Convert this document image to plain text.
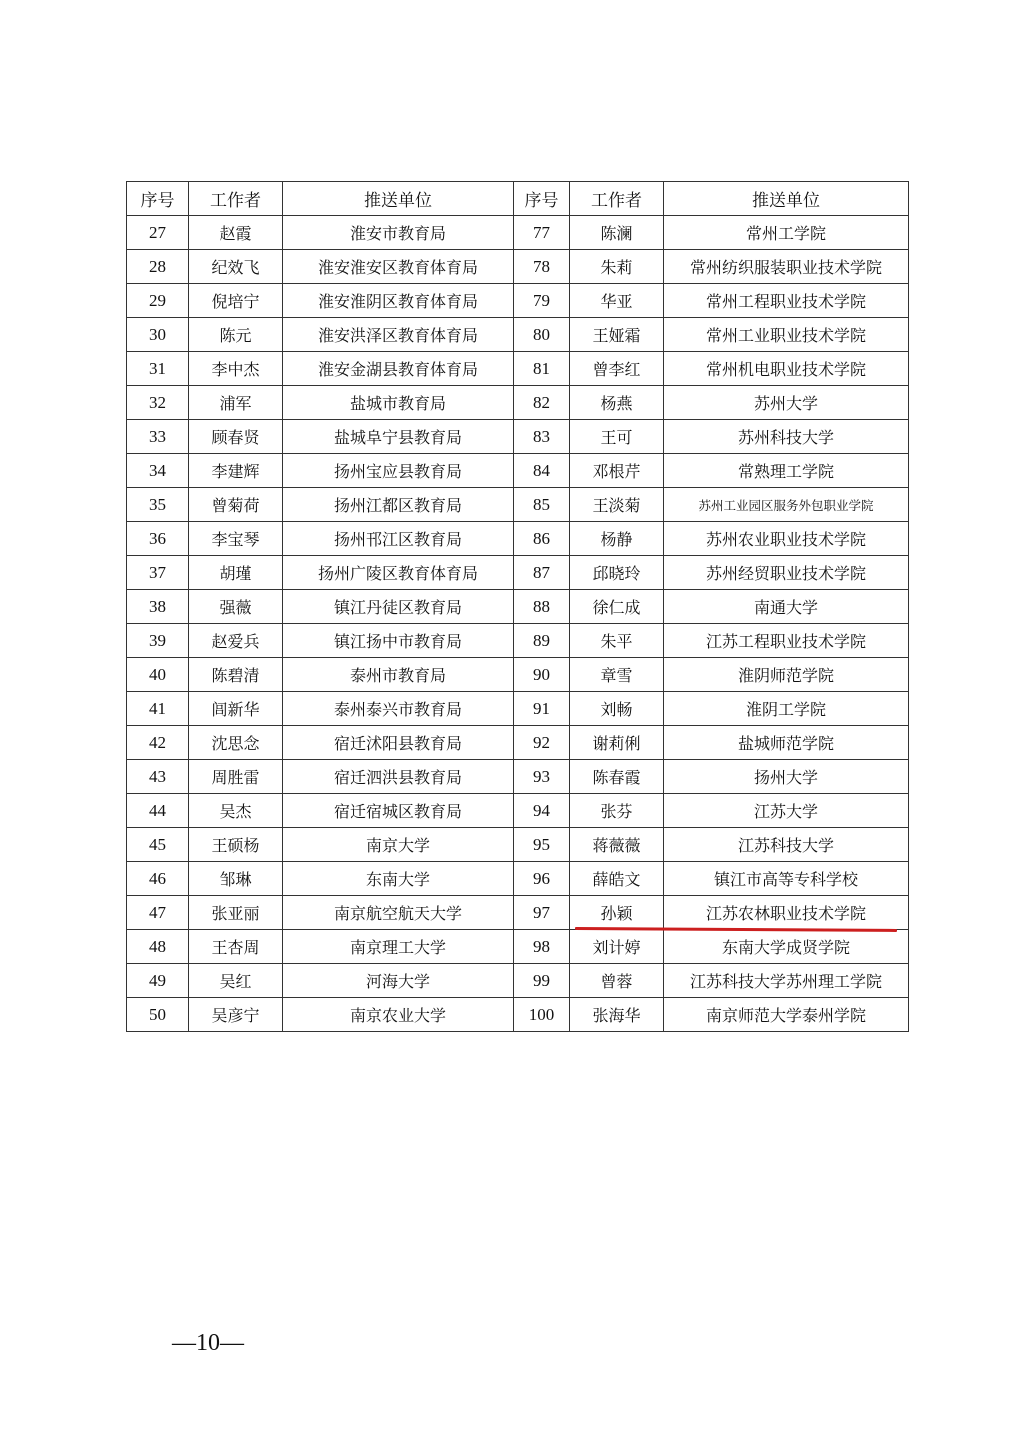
序号	工作者	推送单位	序号	工作者	推送单位
27	赵霞	淮安市教育局	77	陈澜	常州工学院
28	纪效飞	淮安淮安区教育体育局	78	朱莉	常州纺织服装职业技术学院
29	倪培宁	淮安淮阴区教育体育局	79	华亚	常州工程职业技术学院
30	陈元	淮安洪泽区教育体育局	80	王娅霜	常州工业职业技术学院
31	李中杰	淮安金湖县教育体育局	81	曾李红	常州机电职业技术学院
32	浦军	盐城市教育局	82	杨燕	苏州大学
33	顾春贤	盐城阜宁县教育局	83	王可	苏州科技大学
34	李建辉	扬州宝应县教育局	84	邓根芹	常熟理工学院
35	曾菊荷	扬州江都区教育局	85	王淡菊	苏州工业园区服务外包职业学院
36	李宝琴	扬州邗江区教育局	86	杨静	苏州农业职业技术学院
37	胡瑾	扬州广陵区教育体育局	87	邱晓玲	苏州经贸职业技术学院
38	强薇	镇江丹徒区教育局	88	徐仁成	南通大学
39	赵爱兵	镇江扬中市教育局	89	朱平	江苏工程职业技术学院
40	陈碧清	泰州市教育局	90	章雪	淮阴师范学院
41	闾新华	泰州泰兴市教育局	91	刘畅	淮阴工学院
42	沈思念	宿迁沭阳县教育局	92	谢莉俐	盐城师范学院
43	周胜雷	宿迁泗洪县教育局	93	陈春霞	扬州大学
44	吴杰	宿迁宿城区教育局	94	张芬	江苏大学
45	王硕杨	南京大学	95	蒋薇薇	江苏科技大学
46	邹琳	东南大学	96	薛皓文	镇江市高等专科学校
47	张亚丽	南京航空航天大学	97	孙颖	江苏农林职业技术学院
48	王杏周	南京理工大学	98	刘计婷	东南大学成贤学院
49	吴红	河海大学	99	曾蓉	江苏科技大学苏州理工学院
50	吴彦宁	南京农业大学	100	张海华	南京师范大学泰州学院
—10—
